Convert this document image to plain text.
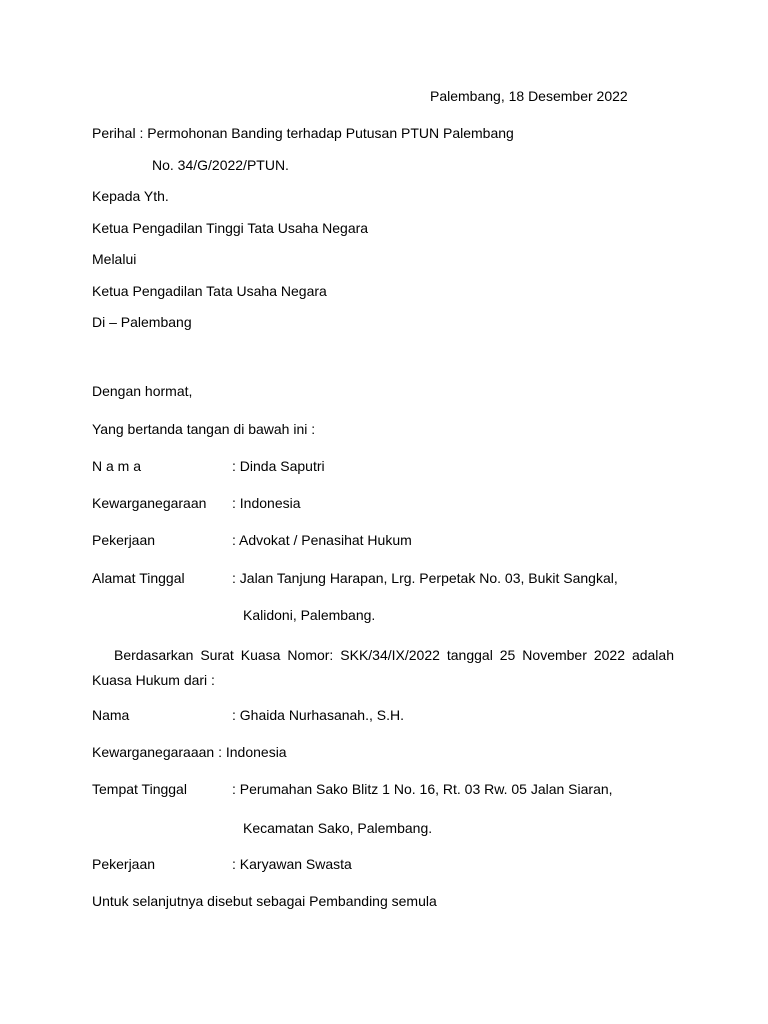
Palembang, 18 Desember 2022
Perihal : Permohonan Banding terhadap Putusan PTUN Palembang
No. 34/G/2022/PTUN.
Kepada Yth.
Ketua Pengadilan Tinggi Tata Usaha Negara
Melalui
Ketua Pengadilan Tata Usaha Negara
Di – Palembang
Dengan hormat,
Yang bertanda tangan di bawah ini :
N a m a	: Dinda Saputri
Kewarganegaraan : Indonesia
Pekerjaan	: Advokat / Penasihat Hukum
Alamat Tinggal	: Jalan Tanjung Harapan, Lrg. Perpetak No. 03, Bukit Sangkal,
Kalidoni, Palembang.
Berdasarkan Surat Kuasa Nomor: SKK/34/IX/2022 tanggal 25 November 2022 adalah Kuasa Hukum dari :
Nama	: Ghaida Nurhasanah., S.H.
Kewarganegaraaan : Indonesia
Tempat Tinggal	: Perumahan Sako Blitz 1 No. 16, Rt. 03 Rw. 05 Jalan Siaran,
Kecamatan Sako, Palembang.
Pekerjaan	: Karyawan Swasta
Untuk selanjutnya disebut sebagai Pembanding semula
